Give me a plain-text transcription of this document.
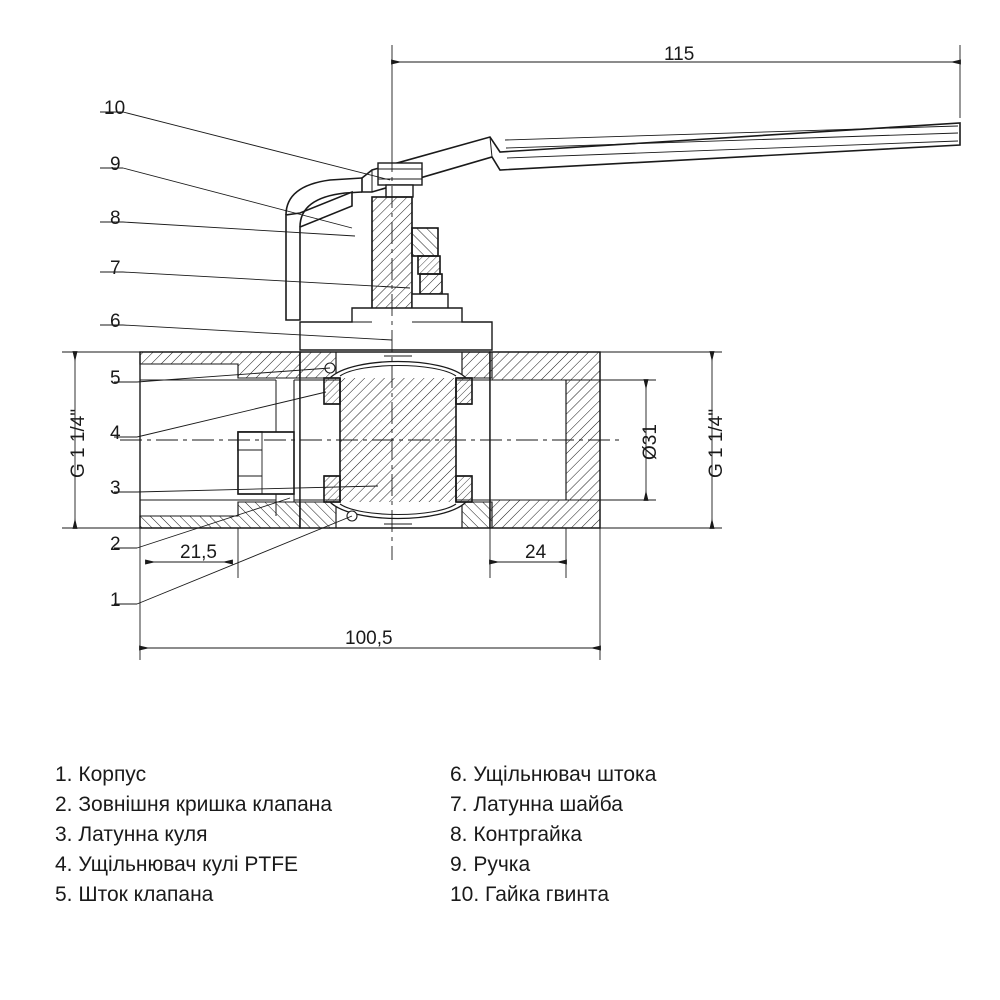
115
G 1 1/4"	Ø31 G 1 1/4"
21,5	24
100,5
10
9
8
7
6
5
4
3
2
1
1. Корпус
2. Зовнішня кришка клапана
3. Латунна куля
4. Ущільнювач кулі PTFE
5. Шток клапана
6. Ущільнювач штока
7. Латунна шайба
8. Контргайка
9. Ручка
10. Гайка гвинта
